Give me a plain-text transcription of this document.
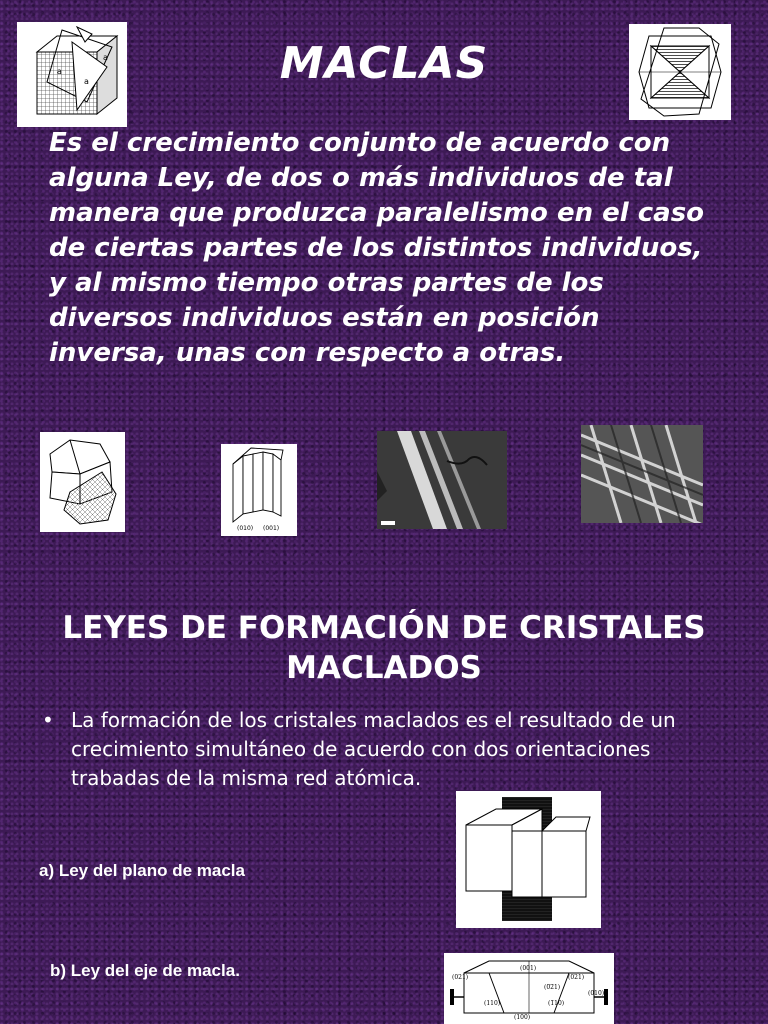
a
a
a	MACLAS

Es el crecimiento conjunto de acuerdo con alguna Ley, de dos o más individuos de tal manera que produzca paralelismo en el caso de ciertas partes de los distintos individuos, y al mismo tiempo otras partes de los diversos individuos están en posición inversa, unas con respecto a otras.

(010) (001)
LEYES DE FORMACIÓN DE CRISTALES MACLADOS
• La formación de los cristales maclados es el resultado de un crecimiento simultáneo de acuerdo con dos orientaciones trabadas de la misma red atómica.
a) Ley del plano de macla
b) Ley del eje de macla.	(021)
(001)
(021)
(0̅2̅1)
(010)
(110)
(100)
(1̅10)
